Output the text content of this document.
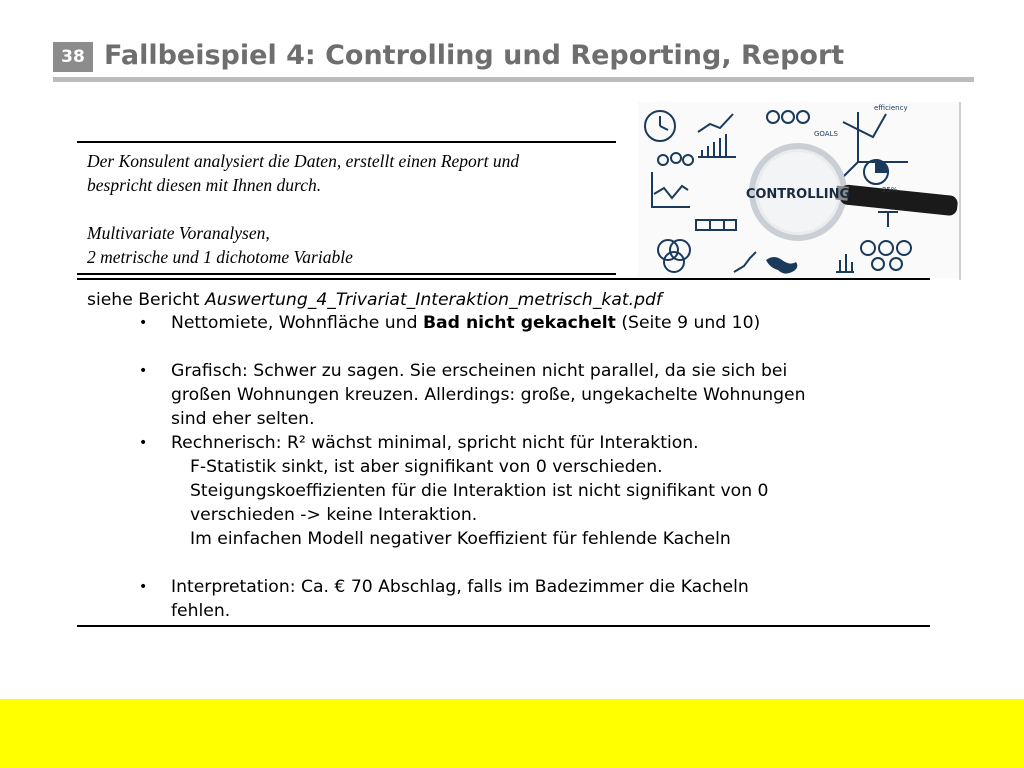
38 Fallbeispiel 4: Controlling und Reporting, Report
Der Konsulent analysiert die Daten, erstellt einen Report und
bespricht diesen mit Ihnen durch.
Multivariate Voranalysen,
2 metrische und 1 dichotome Variable
CONTROLLING
GOALS
efficiency
25%
siehe Bericht Auswertung_4_Trivariat_Interaktion_metrisch_kat.pdf
• Nettomiete, Wohnfläche und Bad nicht gekachelt (Seite 9 und 10)
• Grafisch: Schwer zu sagen. Sie erscheinen nicht parallel, da sie sich bei
großen Wohnungen kreuzen. Allerdings: große, ungekachelte Wohnungen
sind eher selten.
• Rechnerisch: R² wächst minimal, spricht nicht für Interaktion.
F-Statistik sinkt, ist aber signifikant von 0 verschieden.
Steigungskoeffizienten für die Interaktion ist nicht signifikant von 0
verschieden -> keine Interaktion.
Im einfachen Modell negativer Koeffizient für fehlende Kacheln
• Interpretation: Ca. € 70 Abschlag, falls im Badezimmer die Kacheln
fehlen.
